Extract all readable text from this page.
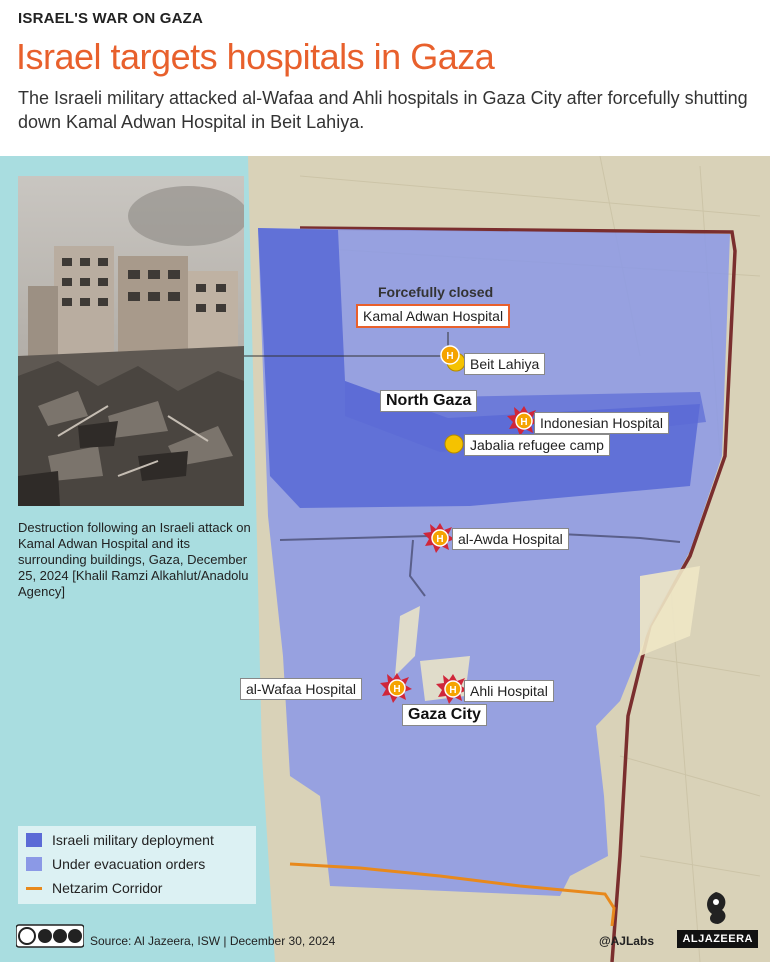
ISRAEL'S WAR ON GAZA
Israel targets hospitals in Gaza
The Israeli military attacked al-Wafaa and Ahli hospitals in Gaza City after forcefully shutting down Kamal Adwan Hospital in Beit Lahiya.
H
H
H
H	H
Forcefully closed
Kamal Adwan Hospital
Beit Lahiya
North Gaza
Indonesian Hospital
Jabalia refugee camp
al-Awda Hospital
al-Wafaa Hospital	Ahli Hospital
Gaza City
Destruction following an Israeli attack on Kamal Adwan Hospital and its surrounding buildings, Gaza, December 25, 2024 [Khalil Ramzi Alkahlut/Anadolu Agency]
Israeli military deployment
Under evacuation orders
Netzarim Corridor
Source: Al Jazeera, ISW | December 30, 2024	@AJLabs	ALJAZEERA
